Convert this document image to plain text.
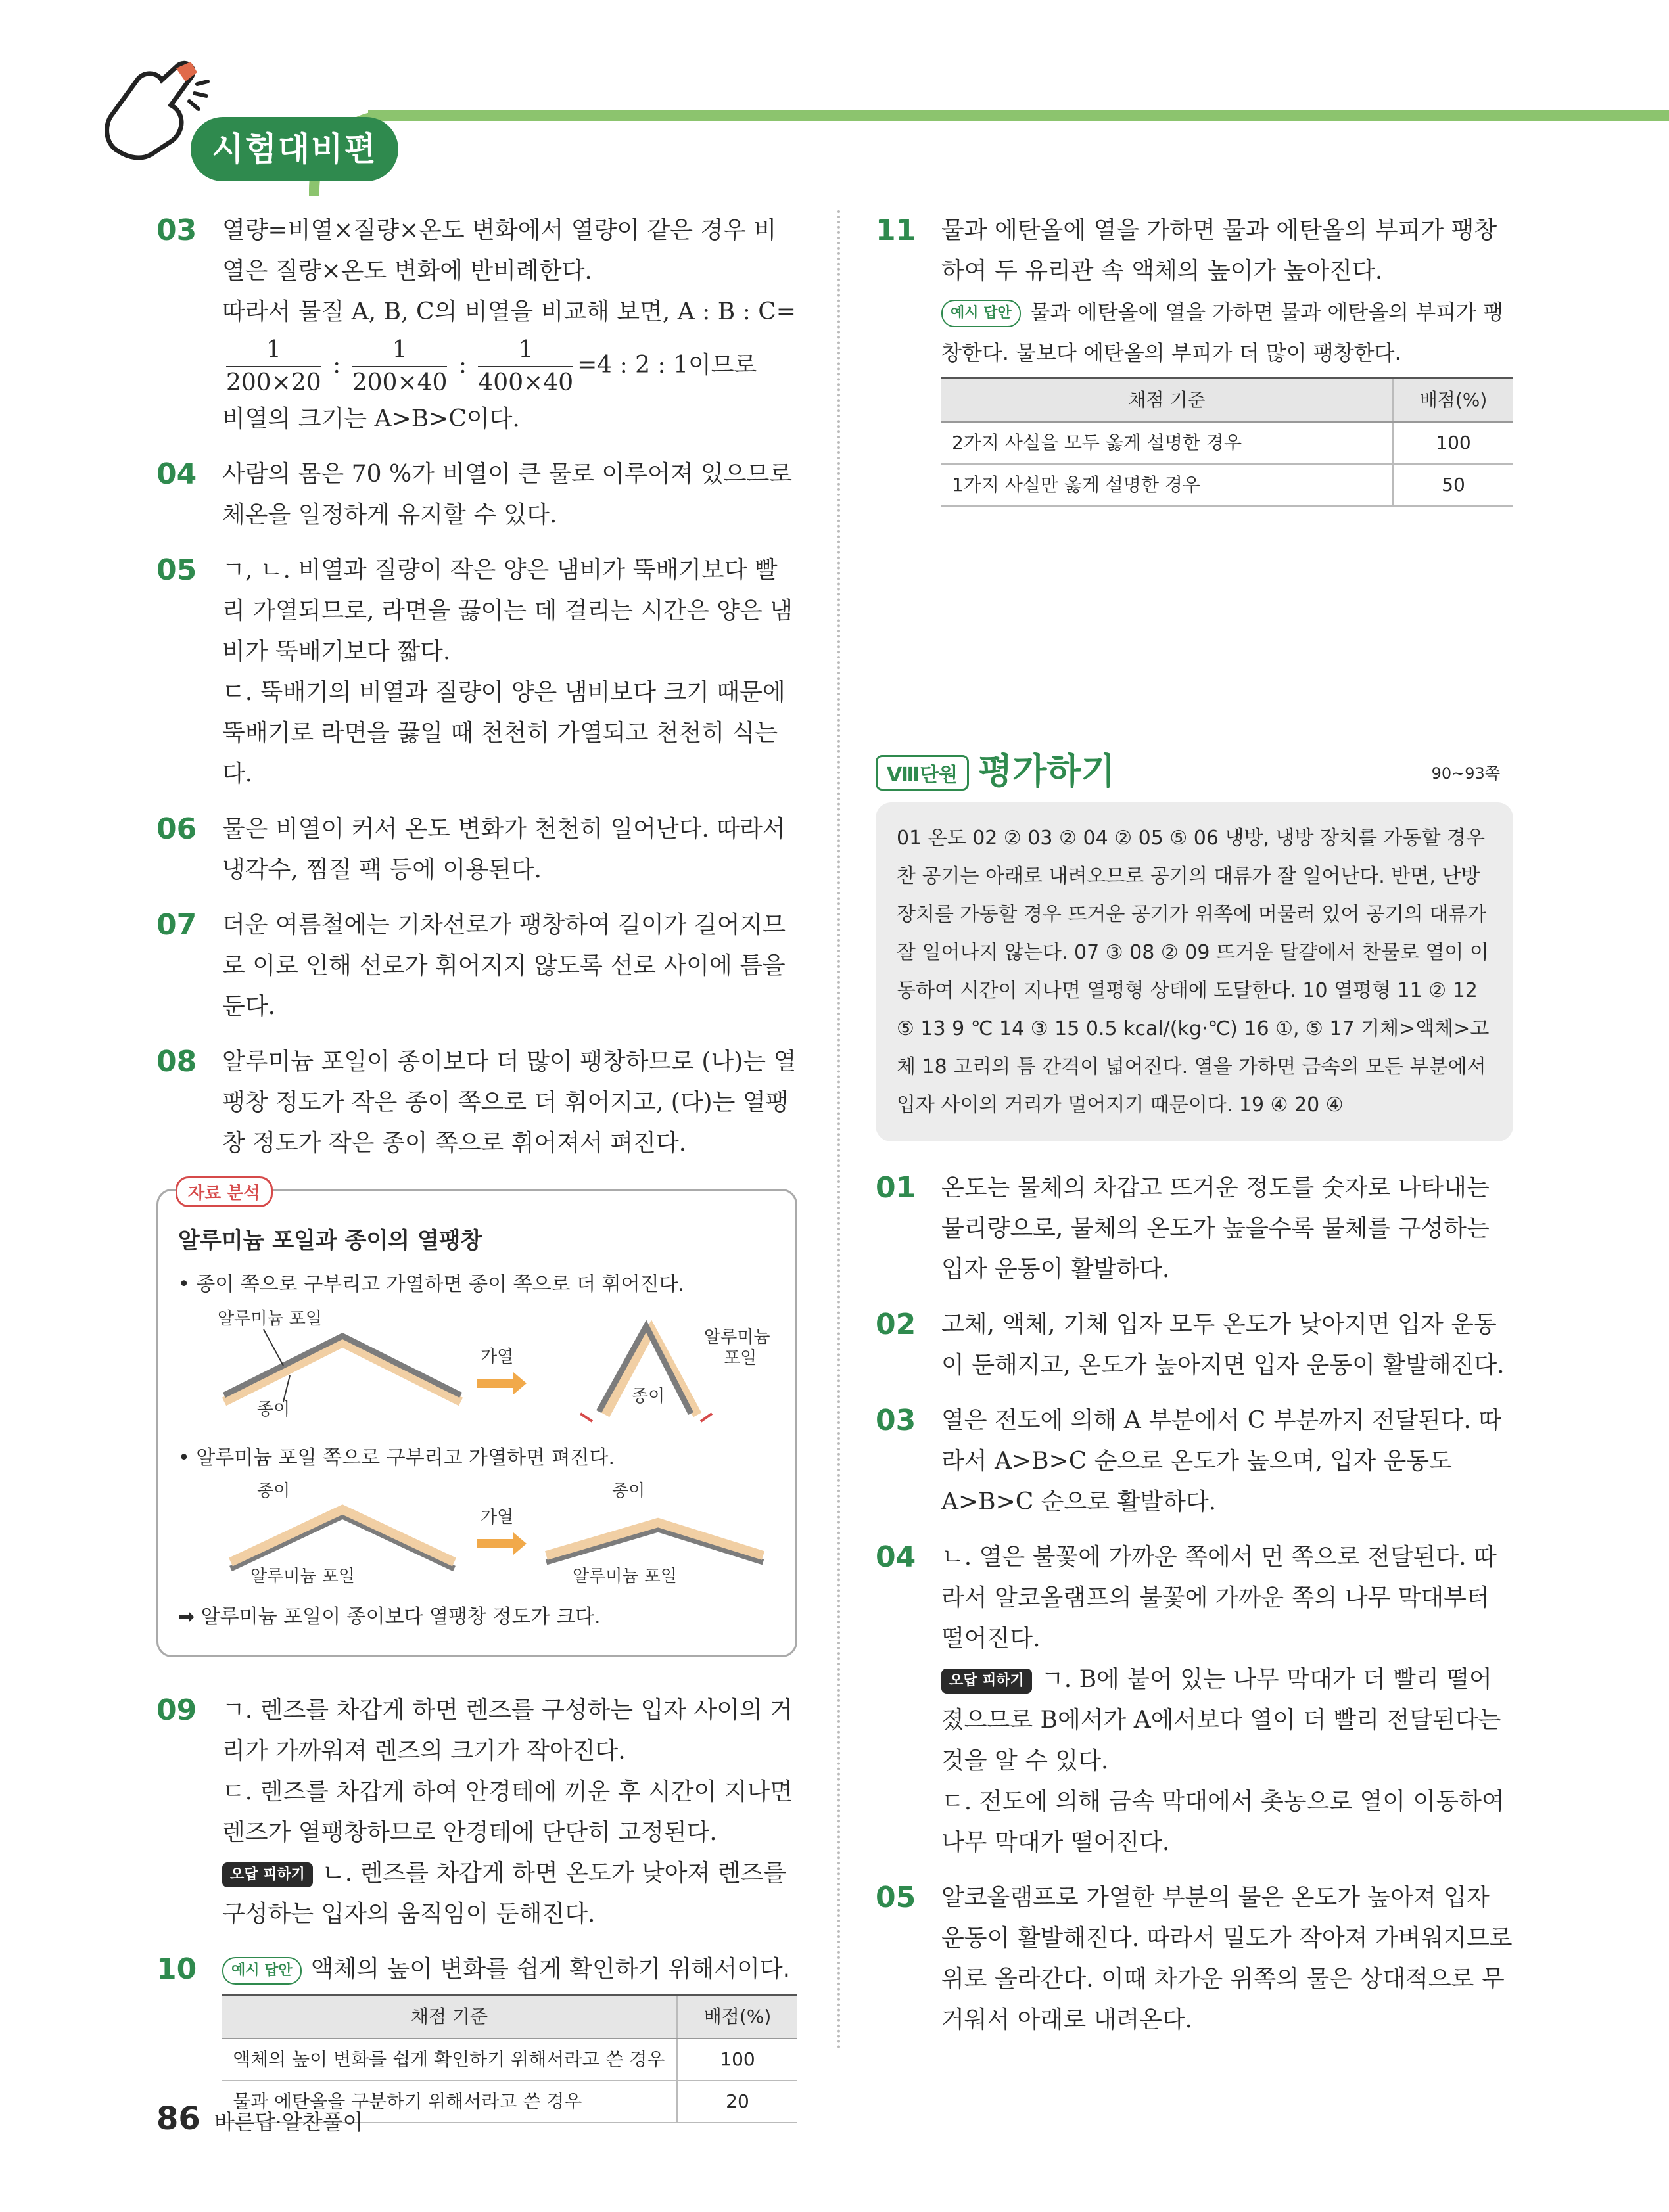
시험대비편
03 열량=비열×질량×온도 변화에서 열량이 같은 경우 비열은 질량×온도 변화에 반비례한다.
따라서 물질 A, B, C의 비열을 비교해 보면, A : B : C=
$\frac{1}{200\times 20}$ : $\frac{1}{200\times 40}$ : $\frac{1}{400\times 40} =4$ : 2 : 1이므로
비열의 크기는 A>B>C이다.
04 사람의 몸은 70 %가 비열이 큰 물로 이루어져 있으므로 체온을 일정하게 유지할 수 있다.
05 ㄱ, ㄴ. 비열과 질량이 작은 양은 냄비가 뚝배기보다 빨리 가열되므로, 라면을 끓이는 데 걸리는 시간은 양은 냄비가 뚝배기보다 짧다.
ㄷ. 뚝배기의 비열과 질량이 양은 냄비보다 크기 때문에 뚝배기로 라면을 끓일 때 천천히 가열되고 천천히 식는다.
06 물은 비열이 커서 온도 변화가 천천히 일어난다. 따라서 냉각수, 찜질 팩 등에 이용된다.
07 더운 여름철에는 기차선로가 팽창하여 길이가 길어지므로 이로 인해 선로가 휘어지지 않도록 선로 사이에 틈을 둔다.
08 알루미늄 포일이 종이보다 더 많이 팽창하므로 (나)는 열팽창 정도가 작은 종이 쪽으로 더 휘어지고, (다)는 열팽창 정도가 작은 종이 쪽으로 휘어져서 펴진다.
자료 분석
알루미늄 포일과 종이의 열팽창
• 종이 쪽으로 구부리고 가열하면 종이 쪽으로 더 휘어진다.
알루미늄 포일
종이
가열
알루미늄
포일
종이
• 알루미늄 포일 쪽으로 구부리고 가열하면 펴진다.
종이
알루미늄 포일
가열
종이
알루미늄 포일
➡ 알루미늄 포일이 종이보다 열팽창 정도가 크다.
09 ㄱ. 렌즈를 차갑게 하면 렌즈를 구성하는 입자 사이의 거리가 가까워져 렌즈의 크기가 작아진다.
ㄷ. 렌즈를 차갑게 하여 안경테에 끼운 후 시간이 지나면 렌즈가 열팽창하므로 안경테에 단단히 고정된다.
오답 피하기 ㄴ. 렌즈를 차갑게 하면 온도가 낮아져 렌즈를 구성하는 입자의 움직임이 둔해진다.
10 예시 답안 액체의 높이 변화를 쉽게 확인하기 위해서이다.
채점 기준	배점(%)
액체의 높이 변화를 쉽게 확인하기 위해서라고 쓴 경우	100
물과 에탄올을 구분하기 위해서라고 쓴 경우	20
11 물과 에탄올에 열을 가하면 물과 에탄올의 부피가 팽창하여 두 유리관 속 액체의 높이가 높아진다.
예시 답안 물과 에탄올에 열을 가하면 물과 에탄올의 부피가 팽창한다. 물보다 에탄올의 부피가 더 많이 팽창한다.
채점 기준	배점(%)
2가지 사실을 모두 옳게 설명한 경우	100
1가지 사실만 옳게 설명한 경우	50
Ⅷ단원 평가하기	90~93쪽
01 온도 02 ② 03 ② 04 ② 05 ⑤ 06 냉방, 냉방 장치를 가동할 경우 찬 공기는 아래로 내려오므로 공기의 대류가 잘 일어난다. 반면, 난방 장치를 가동할 경우 뜨거운 공기가 위쪽에 머물러 있어 공기의 대류가 잘 일어나지 않는다. 07 ③ 08 ② 09 뜨거운 달걀에서 찬물로 열이 이동하여 시간이 지나면 열평형 상태에 도달한다. 10 열평형 11 ② 12 ⑤ 13 9 ℃ 14 ③ 15 0.5 kcal/(kg·℃) 16 ①, ⑤ 17 기체>액체>고체 18 고리의 틈 간격이 넓어진다. 열을 가하면 금속의 모든 부분에서 입자 사이의 거리가 멀어지기 때문이다. 19 ④ 20 ④
01 온도는 물체의 차갑고 뜨거운 정도를 숫자로 나타내는 물리량으로, 물체의 온도가 높을수록 물체를 구성하는 입자 운동이 활발하다.
02 고체, 액체, 기체 입자 모두 온도가 낮아지면 입자 운동이 둔해지고, 온도가 높아지면 입자 운동이 활발해진다.
03 열은 전도에 의해 A 부분에서 C 부분까지 전달된다. 따라서 A>B>C 순으로 온도가 높으며, 입자 운동도 A>B>C 순으로 활발하다.
04 ㄴ. 열은 불꽃에 가까운 쪽에서 먼 쪽으로 전달된다. 따라서 알코올램프의 불꽃에 가까운 쪽의 나무 막대부터 떨어진다.
오답 피하기 ㄱ. B에 붙어 있는 나무 막대가 더 빨리 떨어졌으므로 B에서가 A에서보다 열이 더 빨리 전달된다는 것을 알 수 있다.
ㄷ. 전도에 의해 금속 막대에서 촛농으로 열이 이동하여 나무 막대가 떨어진다.
05 알코올램프로 가열한 부분의 물은 온도가 높아져 입자 운동이 활발해진다. 따라서 밀도가 작아져 가벼워지므로 위로 올라간다. 이때 차가운 위쪽의 물은 상대적으로 무거워서 아래로 내려온다.
86 바른답·알찬풀이
